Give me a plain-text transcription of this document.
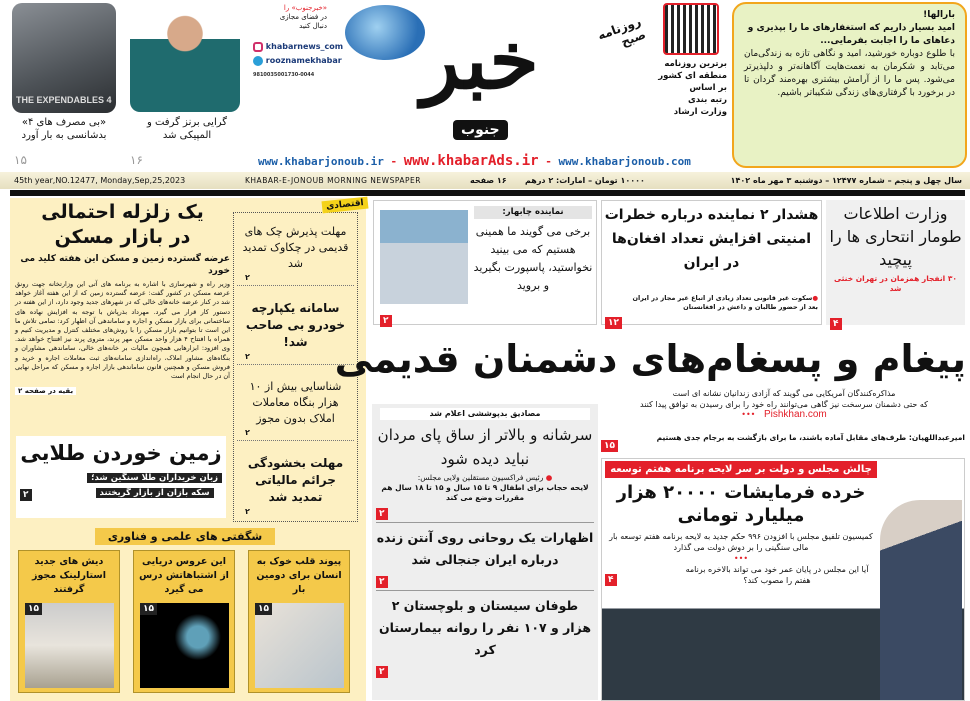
THE EXPENDABLES 4
«بی مصرف های ۴» بدشانسی به بار آورد
گرایی برنز گرفت و المپیکی شد
۱۵	۱۶
«خبرجنوب» را
در فضای مجازی
دنبال کنید
khabarnews_com
rooznamekhabar
9810035001730-0044	خبر	روزنامه صبح
جنوب
برترین روزنامه
منطقه ای کشور
بر اساس
رتبه بندی
وزارت ارشاد
بارالها!
امید بسیار داریم که استغفارهای ما را بپذیری و دعاهای ما را اجابت بفرمایی...
با طلوع دوباره خورشید، امید و نگاهی تازه به زندگی‌مان می‌تابد و شکرمان به نعمت‌هایت آگاهانه‌تر و دلپذیرتر می‌شود. پس ما را از آرامش بیشتری بهره‌مند گردان تا در برخورد با گرفتاری‌های زندگی شکیباتر باشیم.
www.khabarjonoub.ir - www.khabarAds.ir - www.khabarjonoub.com
45th year,NO.12477, Monday,Sep,25,2023	KHABAR-E-JONOUB MORNING NEWSPAPER	۱۶ صفحه ۱۰۰۰۰ تومان – امارات: ۲ درهم	سال چهل و پنجم – شماره ۱۲۴۷۷ – دوشنبه ۳ مهر ماه ۱۴۰۲
یک زلزله احتمالی
در بازار مسکن
عرضه گسترده زمین و مسکن این هفته کلید می خورد
وزیر راه و شهرسازی با اشاره به برنامه های آتی این وزارتخانه جهت رونق عرضه مسکن در کشور گفت: عرضه گسترده زمین که از این هفته آغاز خواهد شد در کنار عرضه خانه‌های خالی که در شهرهای جدید وجود دارد، از این هفته در دستور کار قرار می گیرد. مهرداد بذرپاش با توجه به افزایش نهاده های ساختمانی برای بازار مسکن و اجاره و ساماندهی آن اظهار کرد: تمامی تلاش ما این است تا بتوانیم بازار مسکن را با روش‌های مختلف کنترل و مدیریت کنیم و همراه با افتتاح ۴ هزار واحد مسکن مهر پرند، متروی پرند نیز افتتاح خواهد شد. وی افزود: ابزارهایی همچون مالیات بر خانه‌های خالی، ساماندهی مشاوران و بنگاه‌های مشاور املاک، راه‌اندازی سامانه‌های ثبت معاملات اجاره و خرید و فروش مسکن و همچنین قانون ساماندهی بازار اجاره و مسکن که مراحل نهایی آن در حال انجام است
بقیه در صفحه ۲
اقتصادی
مهلت پذیرش چک های قدیمی در چکاوک تمدید شد
۲
سامانه یکپارچه خودرو بی صاحب شد!
۲
شناسایی بیش از ۱۰ هزار بنگاه معاملات املاک بدون مجوز
۲
مهلت بخشودگی جرائم مالیاتی تمدید شد
۲
زمین خوردن طلایی
۲
زبان خریداران طلا سنگین شد؛
سکه بازان از بازار گریختند
شگفتی های علمی و فناوری
پیوند قلب خوک به انسان برای دومین بار
۱۵
این عروس دریایی از اشتباهاتش درس می گیرد
۱۵
دیش های جدید استارلینک مجوز گرفتند
۱۵
نماینده چابهار:
برخی می گویند ما همینی هستیم که می بینید نخواستید، پاسپورت بگیرید و بروید
۲
هشدار ۲ نماینده درباره خطرات امنیتی افزایش تعداد افغان‌ها در ایران
●سکوت غیر قانونی تعداد زیادی از اتباع غیر مجاز در ایران بعد از حضور طالبان و داعش در افغانستان
۱۲
وزارت اطلاعات طومار انتحاری ها را پیچید
۳۰ انفجار همزمان در تهران خنثی شد
۴
پیغام و پسغام‌های دشمنان قدیمی
مذاکره‌کنندگان آمریکایی می گویند که آزادی زندانیان نشانه ای است
که حتی دشمنان سرسخت نیز گاهی می‌توانند راه خود را برای رسیدن به توافق پیدا کنند
••• Pishkhan.com
۱۵
امیرعبداللهیان: طرف‌های مقابل آماده باشند، ما برای بازگشت به برجام جدی هستیم
مصادیق بدپوششی اعلام شد
سرشانه و بالاتر از ساق پای مردان نباید دیده شود
● رئیس فراکسیون مستقلین ولایی مجلس:
لایحه حجاب برای اطفال ۹ تا ۱۵ سال و ۱۵ تا ۱۸ سال هم مقررات وضع می کند
۲
اظهارات یک روحانی روی آنتن زنده درباره ایران جنجالی شد
۲
طوفان سیستان و بلوچستان ۲ هزار و ۱۰۷ نفر را روانه بیمارستان کرد
۲
چالش مجلس و دولت بر سر لایحه برنامه هفتم توسعه
خرده فرمایشات ۲۰۰۰۰ هزار میلیارد تومانی
کمیسیون تلفیق مجلس با افزودن ۹۹۶ حکم جدید به لایحه برنامه هفتم توسعه بار مالی سنگینی را بر دوش دولت می گذارد
•••
۴
آیا این مجلس در پایان عمر خود می تواند بالاخره برنامه هفتم را مصوب کند؟
